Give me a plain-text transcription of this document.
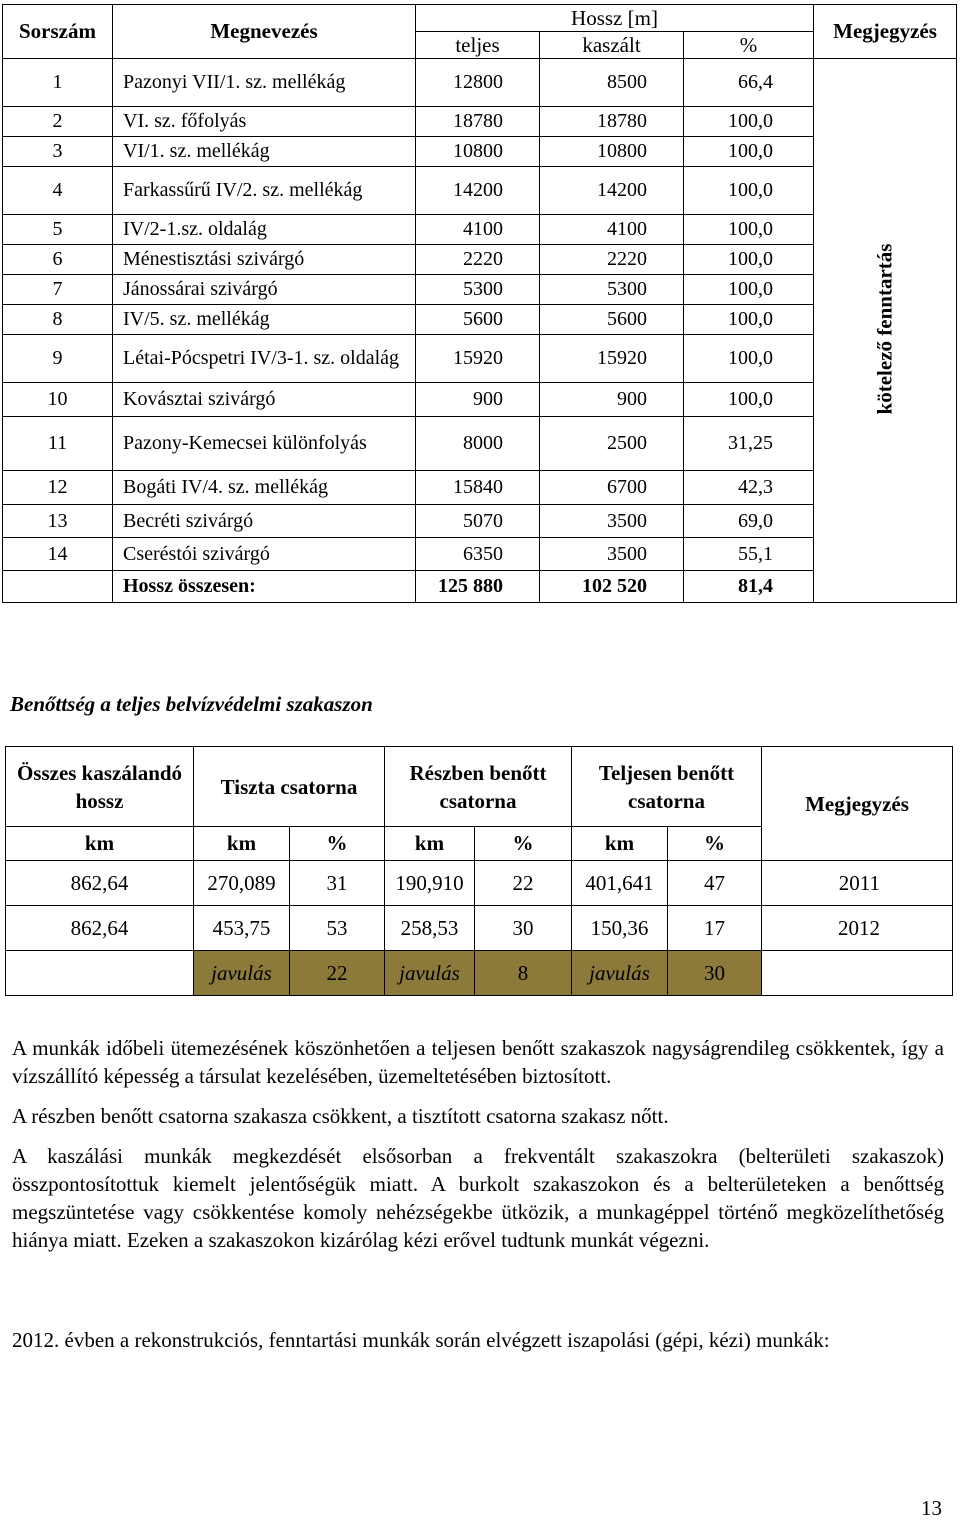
Sorszám	Megnevezés	Hossz [m]			Megjegyzés
		teljes	kaszált	%	
1	Pazonyi VII/1. sz. mellékág	12800	8500	66,4	kötelező fenntartás

2	VI. sz. főfolyás	18780	18780	100,0	
3	VI/1. sz. mellékág	10800	10800	100,0	
4	Farkassűrű IV/2. sz. mellékág	14200	14200	100,0	
5	IV/2-1.sz. oldalág	4100	4100	100,0	
6	Ménestisztási szivárgó	2220	2220	100,0	
7	Jánossárai szivárgó	5300	5300	100,0	
8	IV/5. sz. mellékág	5600	5600	100,0	
9	Létai-Pócspetri IV/3-1. sz. oldalág	15920	15920	100,0	
10	Kovásztai szivárgó	900	900	100,0	
11	Pazony-Kemecsei különfolyás	8000	2500	31,25	
12	Bogáti IV/4. sz. mellékág	15840	6700	42,3	
13	Becréti szivárgó	5070	3500	69,0	
14	Cseréstói szivárgó	6350	3500	55,1	
	Hossz összesen:	125 880	102 520	81,4	

Benőttség a teljes belvízvédelmi szakaszon

Összes kaszálandó hossz	Tiszta csatorna		Részben benőtt csatorna		Teljesen benőtt csatorna		Megjegyzés
km	km	%	km	%	km	%	
862,64	270,089	31	190,910	22	401,641	47	2011
862,64	453,75	53	258,53	30	150,36	17	2012
	javulás	22	javulás	8	javulás	30	

A munkák időbeli ütemezésének köszönhetően a teljesen benőtt szakaszok nagyságrendileg csökkentek, így a vízszállító képesség a társulat kezelésében, üzemeltetésében biztosított.

A részben benőtt csatorna szakasza csökkent, a tisztított csatorna szakasz nőtt.

A kaszálási munkák megkezdését elsősorban a frekventált szakaszokra (belterületi szakaszok) összpontosítottuk kiemelt jelentőségük miatt. A burkolt szakaszokon és a belterületeken a benőttség megszüntetése vagy csökkentése komoly nehézségekbe ütközik, a munkagéppel történő megközelíthetőség hiánya miatt. Ezeken a szakaszokon kizárólag kézi erővel tudtunk munkát végezni.

2012. évben a rekonstrukciós, fenntartási munkák során elvégzett iszapolási (gépi, kézi) munkák:

13
